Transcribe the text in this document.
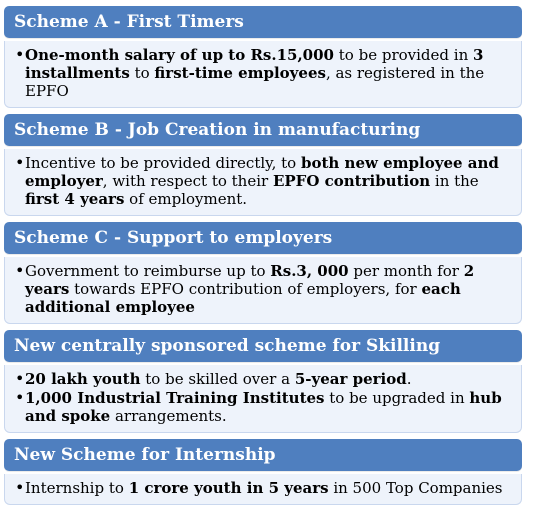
Scheme A - First Timers
• One-month salary of up to Rs.15,000 to be provided in 3 installments to first-time employees, as registered in the EPFO
Scheme B - Job Creation in manufacturing
• Incentive to be provided directly, to both new employee and employer, with respect to their EPFO contribution in the first 4 years of employment.
Scheme C - Support to employers
• Government to reimburse up to Rs.3, 000 per month for 2 years towards EPFO contribution of employers, for each additional employee
New centrally sponsored scheme for Skilling
• 20 lakh youth to be skilled over a 5-year period.
• 1,000 Industrial Training Institutes to be upgraded in hub and spoke arrangements.
New Scheme for Internship
• Internship to 1 crore youth in 5 years in 500 Top Companies
